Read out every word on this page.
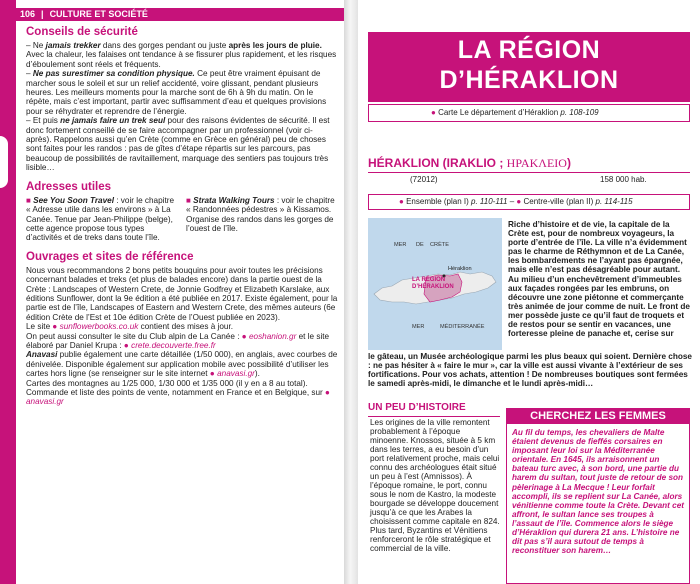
106 | CULTURE ET SOCIÉTÉ
Conseils de sécurité

– Ne jamais trekker dans des gorges pendant ou juste après les jours de pluie. Avec la chaleur, les falaises ont tendance à se fissurer plus rapidement, et les risques d’éboulement sont réels et fréquents.

– Ne pas surestimer sa condition physique. Ce peut être vraiment épuisant de marcher sous le soleil et sur un relief accidenté, voire glissant, pendant plusieurs heures. Les meilleurs moments pour la marche sont de 6h à 9h du matin. On le répète, mais c’est important, partir avec suffisamment d’eau et quelques provisions pour se réhydrater et reprendre de l’énergie.

– Et puis ne jamais faire un trek seul pour des raisons évidentes de sécurité. Il est donc fortement conseillé de se faire accompagner par un professionnel (voir ci-après). Rappelons aussi qu’en Crète (comme en Grèce en général) peu de choses sont faites pour les randos : pas de gîtes d’étape répartis sur les parcours, pas beaucoup de possibilités de ravitaillement, marquage des sentiers pas toujours très lisible…

Adresses utiles
■ See You Soon Travel : voir le chapitre « Adresse utile dans les environs » à La Canée. Tenue par Jean-Philippe (belge), cette agence propose tous types d’activités et de treks dans toute l’île.
■ Strata Walking Tours : voir le chapitre « Randonnées pédestres » à Kissamos. Organise des randos dans les gorges de l’ouest de l’île.
Ouvrages et sites de référence

Nous vous recommandons 2 bons petits bouquins pour avoir toutes les précisions concernant balades et treks (et plus de balades encore) dans la partie ouest de la Crète : Landscapes of Western Crete, de Jonnie Godfrey et Elizabeth Karslake, aux éditions Sunflower, dont la 9e édition a été publiée en 2017. Existe également, pour la partie est de l’île, Landscapes of Eastern and Western Crete, des mêmes auteurs (6e édition Crète de l’Est et 10e édition Crète de l’Ouest publiée en 2023).

Le site ● sunflowerbooks.co.uk contient des mises à jour.

On peut aussi consulter le site du Club alpin de La Canée : ● eoshanion.gr et le site élaboré par Daniel Krupa : ● crete.decouverte.free.fr

Anavasi publie également une carte détaillée (1/50 000), en anglais, avec courbes de dénivelée. Disponible également sur application mobile avec possibilité d’utiliser les cartes hors ligne (se renseigner sur le site internet ● anavasi.gr).

Cartes des montagnes au 1/25 000, 1/30 000 et 1/35 000 (il y en a 8 au total). Commande et liste des points de vente, notamment en France et en Belgique, sur ● anavasi.gr

LA RÉGION
D’HÉRAKLION
● Carte Le département d’Héraklion p. 108-109
HÉRAKLION (IRAKLIO ; ΗΡΑΚΛΕΙΟ)
(72012)	158 000 hab.
● Ensemble (plan I) p. 110-111 – ● Centre-ville (plan II) p. 114-115
MER DE CRÈTE
Héraklion
LA RÉGION D’HÉRAKLION
MER	MÉDITERRANÉE
Riche d’histoire et de vie, la capitale de la Crète est, pour de nombreux voyageurs, la porte d’entrée de l’île. La ville n’a évidemment pas le charme de Réthymnon et de La Canée, les bombardements ne l’ayant pas épargnée, mais elle n’est pas désagréable pour autant. Au milieu d’un enchevêtrement d’immeubles aux façades rongées par les embruns, on découvre une zone piétonne et commerçante très animée de jour comme de nuit. Le front de mer possède juste ce qu’il faut de troquets et de restos pour se sentir en vacances, une forteresse pleine de panache et, cerise sur
le gâteau, un Musée archéologique parmi les plus beaux qui soient. Dernière chose : ne pas hésiter à « faire le mur », car la ville est aussi vivante à l’extérieur de ses fortifications. Pour vos achats, attention ! De nombreuses boutiques sont fermées le samedi après-midi, le dimanche et le lundi après-midi…
UN PEU D’HISTOIRE
Les origines de la ville remontent probablement à l’époque minoenne. Knossos, située à 5 km dans les terres, a eu besoin d’un port relativement proche, mais celui connu des archéologues était situé un peu à l’est (Amnissos). À l’époque romaine, le port, connu sous le nom de Kastro, la modeste bourgade se développe doucement jusqu’à ce que les Arabes la choisissent comme capitale en 824. Plus tard, Byzantins et Vénitiens renforceront le rôle stratégique et commercial de la ville.
CHERCHEZ LES FEMMES
Au fil du temps, les chevaliers de Malte étaient devenus de fieffés corsaires en imposant leur loi sur la Méditerranée orientale. En 1645, ils arraisonnent un bateau turc avec, à son bord, une partie du harem du sultan, tout juste de retour de son pèlerinage à La Mecque ! Leur forfait accompli, ils se replient sur La Canée, alors vénitienne comme toute la Crète. Devant cet affront, le sultan lance ses troupes à l’assaut de l’île. Commence alors le siège d’Héraklion qui durera 21 ans. L’histoire ne dit pas s’il aura sutout de temps à reconstituer son harem…
